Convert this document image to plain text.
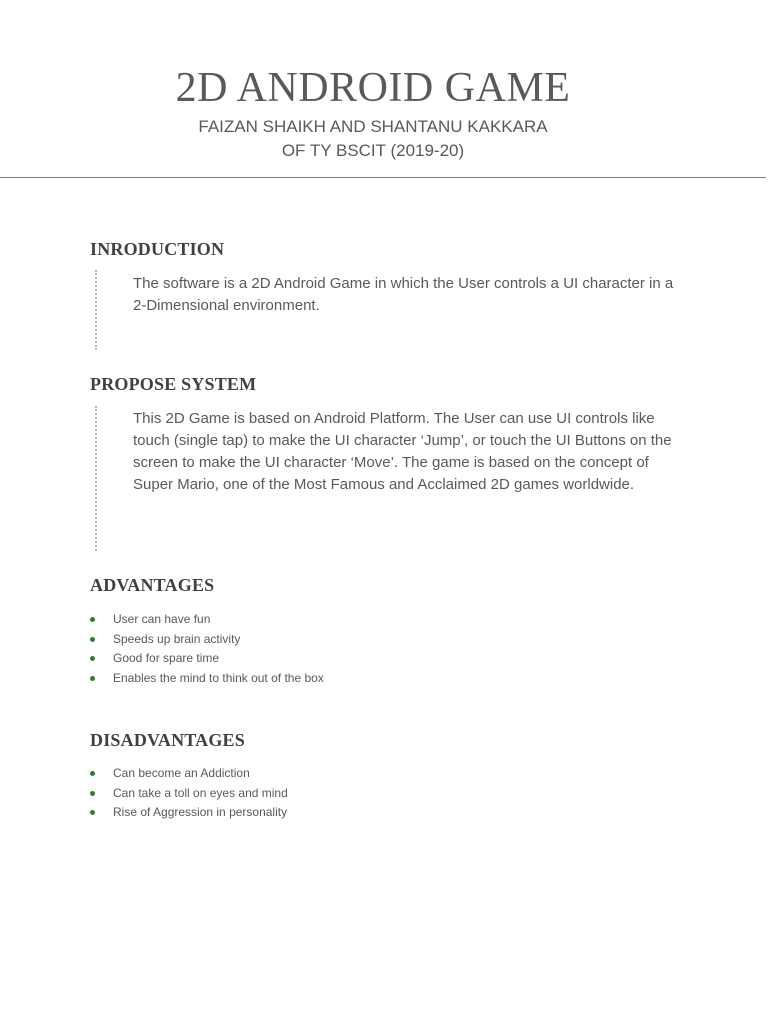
2D ANDROID GAME
FAIZAN SHAIKH AND SHANTANU KAKKARA
OF TY BSCIT (2019-20)
INRODUCTION

The software is a 2D Android Game in which the User controls a UI character in a 2-Dimensional environment.

PROPOSE SYSTEM

This 2D Game is based on Android Platform. The User can use UI controls like touch (single tap) to make the UI character ‘Jump’, or touch the UI Buttons on the screen to make the UI character ‘Move’. The game is based on the concept of Super Mario, one of the Most Famous and Acclaimed 2D games worldwide.

ADVANTAGES
User can have fun
Speeds up brain activity
Good for spare time
Enables the mind to think out of the box
DISADVANTAGES
Can become an Addiction
Can take a toll on eyes and mind
Rise of Aggression in personality
